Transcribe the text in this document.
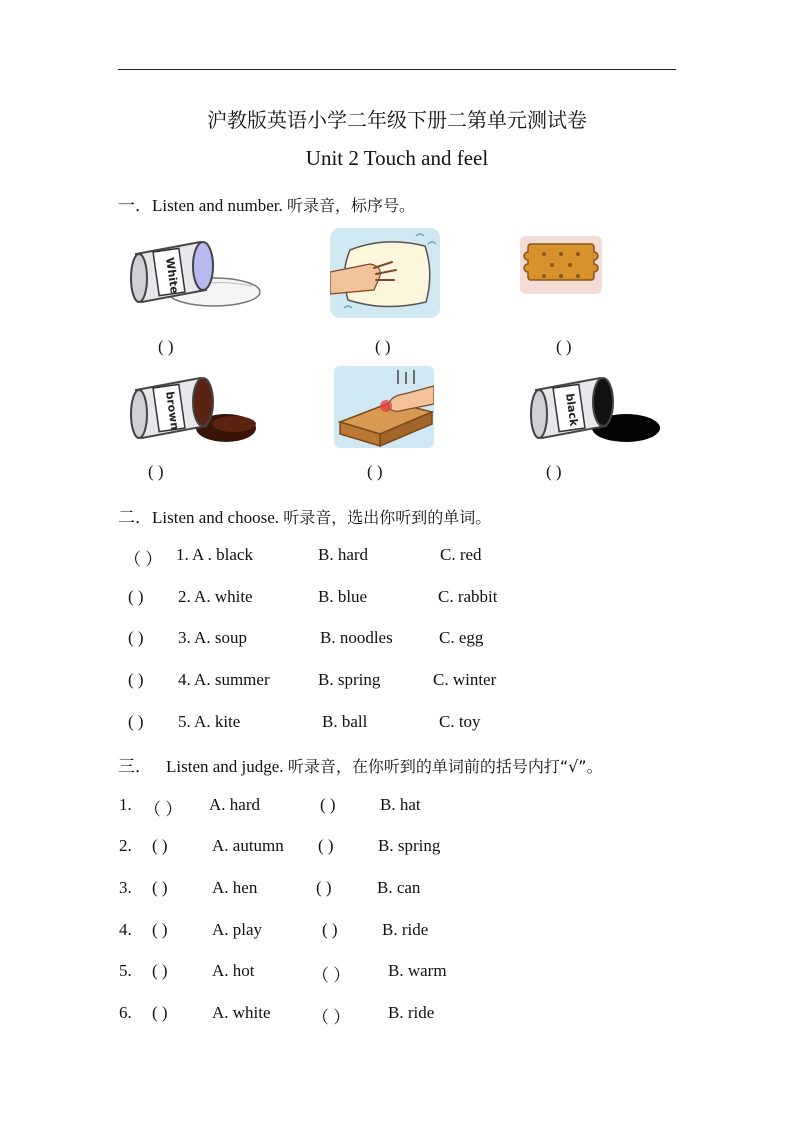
沪教版英语小学二年级下册二第单元测试卷
Unit 2 Touch and feel
一．Listen and number. 听录音，标序号。
White
( )	( )	( )
brown	black
( )	( )	( )
二．Listen and choose. 听录音，选出你听到的单词。
（ ） 1. A . black	B. hard	C. red
( ) 2. A. white	B. blue	C. rabbit
( ) 3. A. soup	B. noodles	C. egg
( ) 4. A. summer	B. spring	C. winter
( ) 5. A. kite	B. ball	C. toy
三． Listen and judge. 听录音，在你听到的单词前的括号内打“√”。
1. （ ） A. hard	( )	B. hat
2. ( )	A. autumn ( )	B. spring
3. ( )	A. hen	( )	B. can
4. ( )	A. play	( )	B. ride
5. ( )	A. hot	（ ） B. warm
6. ( )	A. white （ ） B. ride
